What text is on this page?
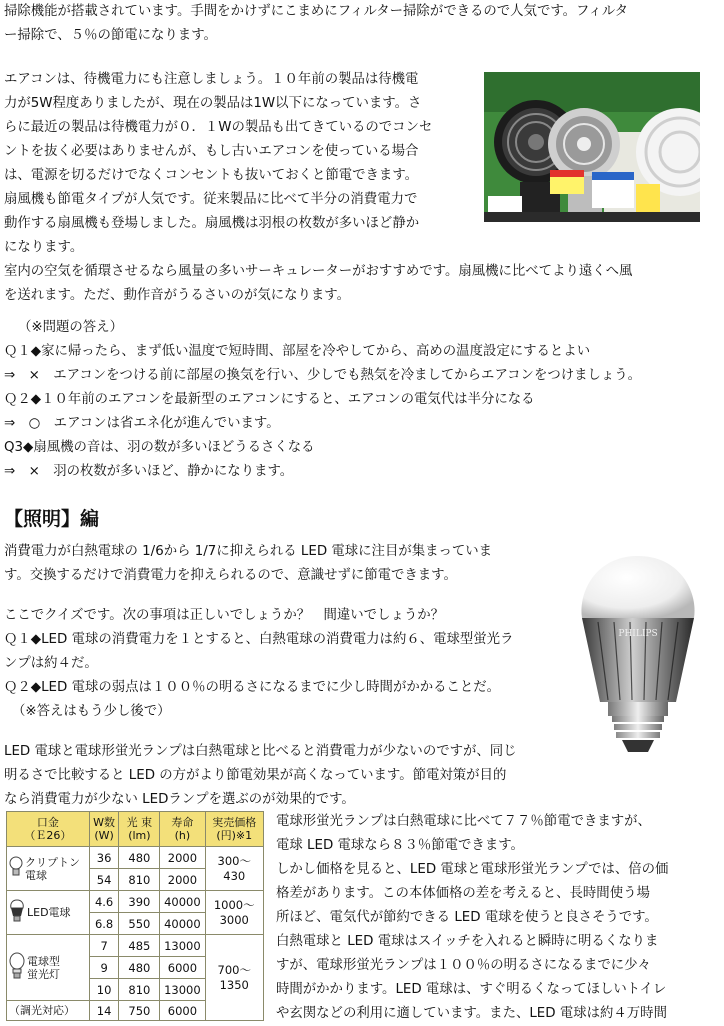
掃除機能が搭載されています。手間をかけずにこまめにフィルター掃除ができるので人気です。フィルタ
ー掃除で、５％の節電になります。
エアコンは、待機電力にも注意しましょう。１０年前の製品は待機電
力が5W程度ありましたが、現在の製品は1W以下になっています。さ
らに最近の製品は待機電力が０．１Wの製品も出てきているのでコンセ
ントを抜く必要はありませんが、もし古いエアコンを使っている場合
は、電源を切るだけでなくコンセントも抜いておくと節電できます。
扇風機も節電タイプが人気です。従来製品に比べて半分の消費電力で
動作する扇風機も登場しました。扇風機は羽根の枚数が多いほど静か
になります。
室内の空気を循環させるなら風量の多いサーキュレーターがおすすめです。扇風機に比べてより遠くへ風
を送れます。ただ、動作音がうるさいのが気になります。
（※問題の答え）
Ｑ１◆家に帰ったら、まず低い温度で短時間、部屋を冷やしてから、高めの温度設定にするとよい
⇒　×　エアコンをつける前に部屋の換気を行い、少しでも熱気を冷ましてからエアコンをつけましょう。
Ｑ２◆１０年前のエアコンを最新型のエアコンにすると、エアコンの電気代は半分になる
⇒　○　エアコンは省エネ化が進んでいます。
Q3◆扇風機の音は、羽の数が多いほどうるさくなる
⇒　×　羽の枚数が多いほど、静かになります。
【照明】編
消費電力が白熱電球の 1/6から 1/7に抑えられる LED 電球に注目が集まっていま
す。交換するだけで消費電力を抑えられるので、意識せずに節電できます。
ここでクイズです。次の事項は正しいでしょうか？　間違いでしょうか？
Ｑ１◆LED 電球の消費電力を１とすると、白熱電球の消費電力は約６、電球型蛍光ラ
ンプは約４だ。
Ｑ２◆LED 電球の弱点は１００％の明るさになるまでに少し時間がかかることだ。
（※答えはもう少し後で）
PHILIPS
LED 電球と電球形蛍光ランプは白熱電球と比べると消費電力が少ないのですが、同じ
明るさで比較すると LED の方がより節電効果が高くなっています。節電対策が目的
なら消費電力が少ない LEDランプを選ぶのが効果的です。
電球形蛍光ランプは白熱電球に比べて７７％節電できますが、
電球 LED 電球なら８３％節電できます。
しかし価格を見ると、LED 電球と電球形蛍光ランプでは、倍の価
格差があります。この本体価格の差を考えると、長時間使う場
所ほど、電気代が節約できる LED 電球を使うと良さそうです。
白熱電球と LED 電球はスイッチを入れると瞬時に明るくなりま
すが、電球形蛍光ランプは１００％の明るさになるまでに少々
時間がかかります。LED 電球は、すぐ明るくなってほしいトイレ
や玄関などの利用に適しています。また、LED 電球は約４万時間
口金
（Ｅ26）	W数
(W)	光 束
(lm)	寿命
(h)	実売価格
(円)※1
クリプトン
電球	36	480	2000	300〜
430
	54	810	2000	
LED電球	4.6	390	40000	1000〜
3000
	6.8	550	40000	
電球型
蛍光灯	7	485	13000	700〜
1350
	9	480	6000	
	10	810	13000	
（調光対応）	14	750	6000	
